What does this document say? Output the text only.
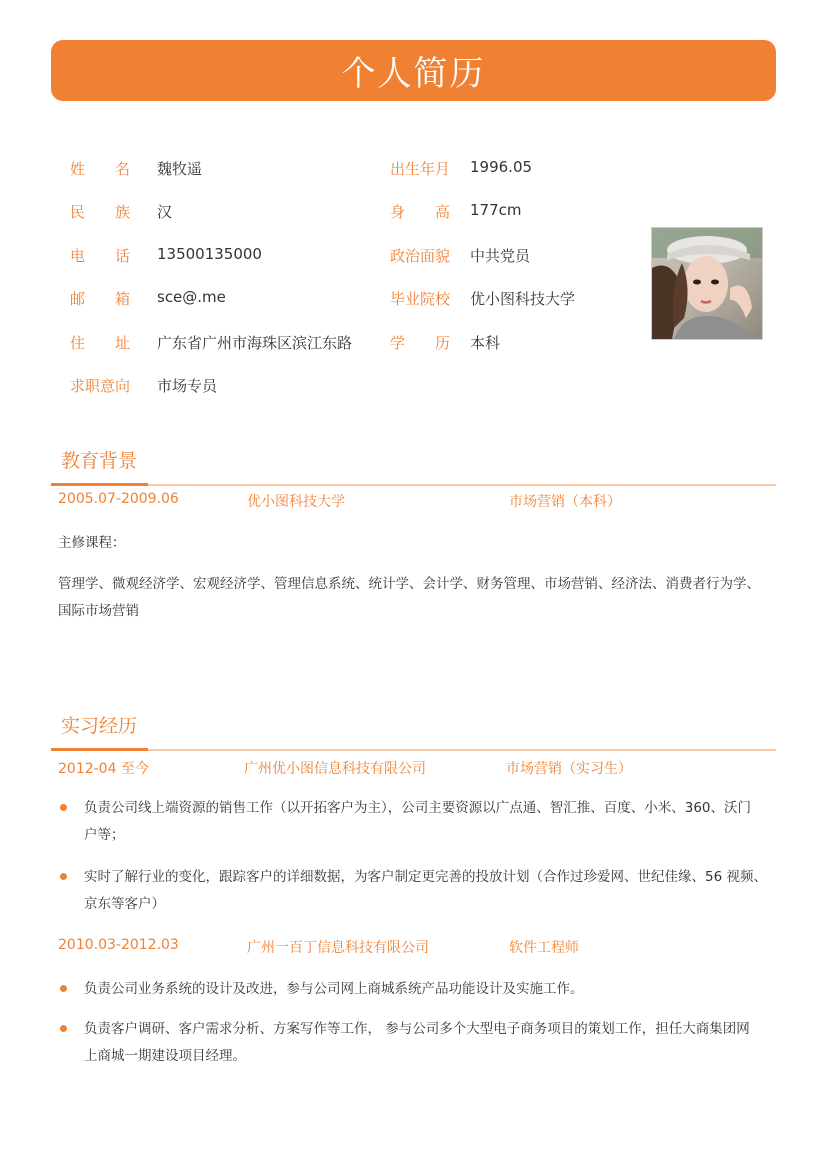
个人简历
姓名 魏牧遥
民族 汉
电话 13500135000
邮箱 sce@.me
住址 广东省广州市海珠区滨江东路
求职意向 市场专员
出生年月 1996.05
身高 177cm
政治面貌 中共党员
毕业院校 优小图科技大学
学历 本科
教育背景
2005.07-2009.06	优小图科技大学	市场营销（本科）
主修课程：
管理学、微观经济学、宏观经济学、管理信息系统、统计学、会计学、财务管理、市场营销、经济法、消费者行为学、
国际市场营销
实习经历
2012-04 至今	广州优小图信息科技有限公司	市场营销（实习生）
负责公司线上端资源的销售工作（以开拓客户为主），公司主要资源以广点通、智汇推、百度、小米、360、沃门
户等；
实时了解行业的变化，跟踪客户的详细数据，为客户制定更完善的投放计划（合作过珍爱网、世纪佳缘、56 视频、
京东等客户）
2010.03-2012.03	广州一百丁信息科技有限公司	软件工程师
负责公司业务系统的设计及改进，参与公司网上商城系统产品功能设计及实施工作。
负责客户调研、客户需求分析、方案写作等工作， 参与公司多个大型电子商务项目的策划工作，担任大商集团网
上商城一期建设项目经理。
